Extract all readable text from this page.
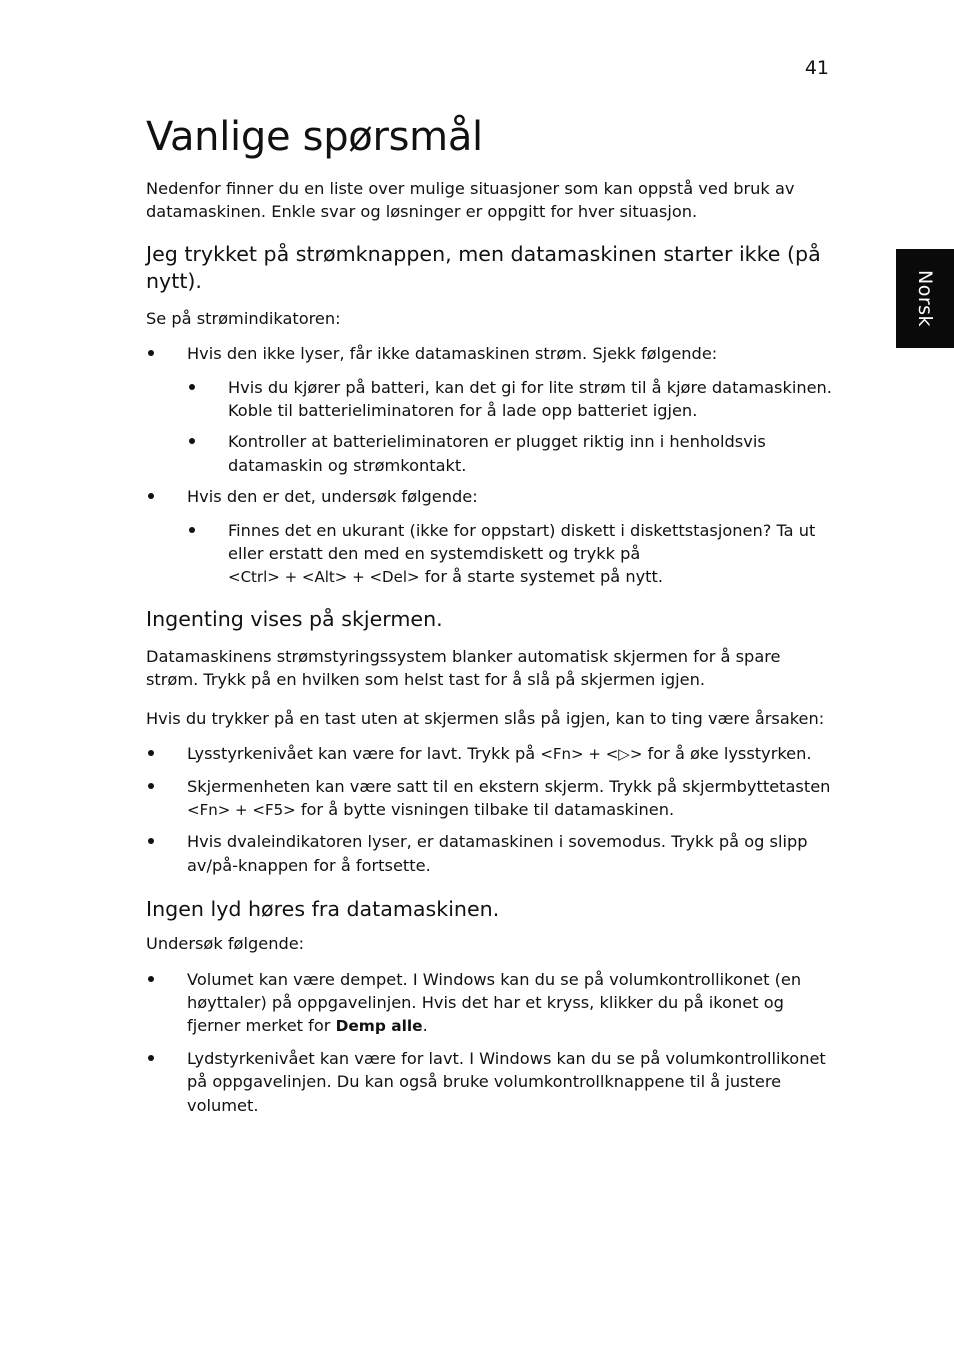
41
Norsk
Vanlige spørsmål

Nedenfor finner du en liste over mulige situasjoner som kan oppstå ved bruk av datamaskinen. Enkle svar og løsninger er oppgitt for hver situasjon.

Jeg trykket på strømknappen, men datamaskinen starter ikke (på nytt).

Se på strømindikatoren:

Hvis den ikke lyser, får ikke datamaskinen strøm. Sjekk følgende:
Hvis du kjører på batteri, kan det gi for lite strøm til å kjøre datamaskinen. Koble til batterieliminatoren for å lade opp batteriet igjen.
Kontroller at batterieliminatoren er plugget riktig inn i henholdsvis datamaskin og strømkontakt.
Hvis den er det, undersøk følgende:
Finnes det en ukurant (ikke for oppstart) diskett i diskettstasjonen? Ta ut eller erstatt den med en systemdiskett og trykk på
<Ctrl> + <Alt> + <Del> for å starte systemet på nytt.
Ingenting vises på skjermen.

Datamaskinens strømstyringssystem blanker automatisk skjermen for å spare strøm. Trykk på en hvilken som helst tast for å slå på skjermen igjen.

Hvis du trykker på en tast uten at skjermen slås på igjen, kan to ting være årsaken:

Lysstyrkenivået kan være for lavt. Trykk på <Fn> + <▷> for å øke lysstyrken.
Skjermenheten kan være satt til en ekstern skjerm. Trykk på skjermbyttetasten <Fn> + <F5> for å bytte visningen tilbake til datamaskinen.
Hvis dvaleindikatoren lyser, er datamaskinen i sovemodus. Trykk på og slipp av/på-knappen for å fortsette.
Ingen lyd høres fra datamaskinen.

Undersøk følgende:

Volumet kan være dempet. I Windows kan du se på volumkontrollikonet (en høyttaler) på oppgavelinjen. Hvis det har et kryss, klikker du på ikonet og fjerner merket for Demp alle.
Lydstyrkenivået kan være for lavt. I Windows kan du se på volumkontrollikonet på oppgavelinjen. Du kan også bruke volumkontrollknappene til å justere volumet.
